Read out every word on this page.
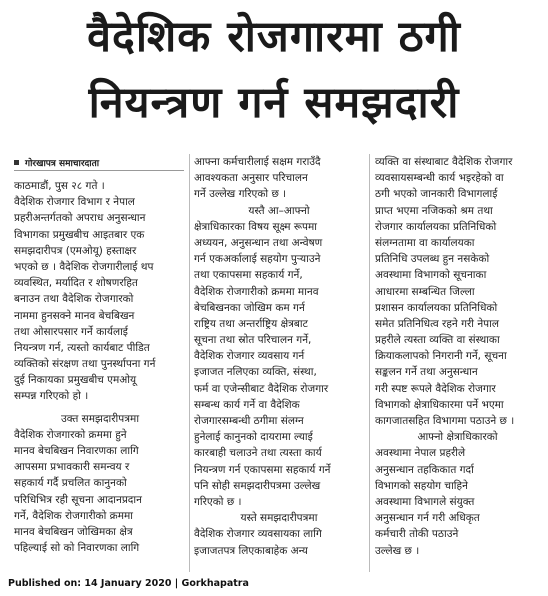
वैदेशिक रोजगारमा ठगी
नियन्त्रण गर्न समझदारी
गोरखापत्र समाचारदाता
काठमाडौं, पुस २८ गते ।
वैदेशिक रोजगार विभाग र नेपाल
प्रहरीअन्तर्गतको अपराध अनुसन्धान
विभागका प्रमुखबीच आइतबार एक
समझदारीपत्र (एमओयू) हस्ताक्षर
भएको छ । वैदेशिक रोजगारीलाई थप
व्यवस्थित, मर्यादित र शोषणरहित
बनाउन तथा वैदेशिक रोजगारको
नाममा हुनसक्ने मानव बेचबिखन
तथा ओसारपसार गर्ने कार्यलाई
नियन्त्रण गर्न, त्यस्तो कार्यबाट पीडित
व्यक्तिको संरक्षण तथा पुनर्स्थापना गर्न
दुई निकायका प्रमुखबीच एमओयू
सम्पन्न गरिएको हो ।
उक्त समझदारीपत्रमा
वैदेशिक रोजगारको क्रममा हुने
मानव बेचबिखन निवारणका लागि
आपसमा प्रभावकारी समन्वय र
सहकार्य गर्दै प्रचलित कानुनको
परिधिभित्र रही सूचना आदानप्रदान
गर्ने, वैदेशिक रोजगारीको क्रममा
मानव बेचबिखन जोखिमका क्षेत्र
पहिल्याई सो को निवारणका लागि
आफ्ना कर्मचारीलाई सक्षम गराउँदै
आवश्यकता अनुसार परिचालन
गर्ने उल्लेख गरिएको छ ।
यस्तै आ–आफ्नो
क्षेत्राधिकारका विषय सूक्ष्म रूपमा
अध्ययन, अनुसन्धान तथा अन्वेषण
गर्न एकअर्कालाई सहयोग पुऱ्याउने
तथा एकापसमा सहकार्य गर्ने,
वैदेशिक रोजगारीको क्रममा मानव
बेचबिखनका जोखिम कम गर्न
राष्ट्रिय तथा अन्तर्राष्ट्रिय क्षेत्रबाट
सूचना तथा स्रोत परिचालन गर्ने,
वैदेशिक रोजगार व्यवसाय गर्न
इजाजत नलिएका व्यक्ति, संस्था,
फर्म वा एजेन्सीबाट वैदेशिक रोजगार
सम्बन्ध कार्य गर्ने वा वैदेशिक
रोजगारसम्बन्धी ठगीमा संलग्न
हुनेलाई कानुनको दायरामा ल्याई
कारबाही चलाउने तथा त्यस्ता कार्य
नियन्त्रण गर्न एकापसमा सहकार्य गर्ने
पनि सोही समझदारीपत्रमा उल्लेख
गरिएको छ ।
यस्ते समझदारीपत्रमा
वैदेशिक रोजगार व्यवसायका लागि
इजाजतपत्र लिएकाबाहेक अन्य
व्यक्ति वा संस्थाबाट वैदेशिक रोजगार
व्यवसायसम्बन्धी कार्य भइरहेको वा
ठगी भएको जानकारी विभागलाई
प्राप्त भएमा नजिकको श्रम तथा
रोजगार कार्यालयका प्रतिनिधिको
संलग्नतामा वा कार्यालयका
प्रतिनिधि उपलब्ध हुन नसकेको
अवस्थामा विभागको सूचनाका
आधारमा सम्बन्धित जिल्ला
प्रशासन कार्यालयका प्रतिनिधिको
समेत प्रतिनिधित्व रहने गरी नेपाल
प्रहरीले त्यस्ता व्यक्ति वा संस्थाका
क्रियाकलापको निगरानी गर्ने, सूचना
सङ्कलन गर्ने तथा अनुसन्धान
गरी स्पष्ट रूपले वैदेशिक रोजगार
विभागको क्षेत्राधिकारमा पर्ने भएमा
कागजातसहित विभागमा पठाउने छ ।
आफ्नो क्षेत्राधिकारको
अवस्थामा नेपाल प्रहरीले
अनुसन्धान तहकिकात गर्दा
विभागको सहयोग चाहिने
अवस्थामा विभागले संयुक्त
अनुसन्धान गर्न गरी अधिकृत
कर्मचारी तोकी पठाउने
उल्लेख छ ।
Published on: 14 January 2020 | Gorkhapatra
